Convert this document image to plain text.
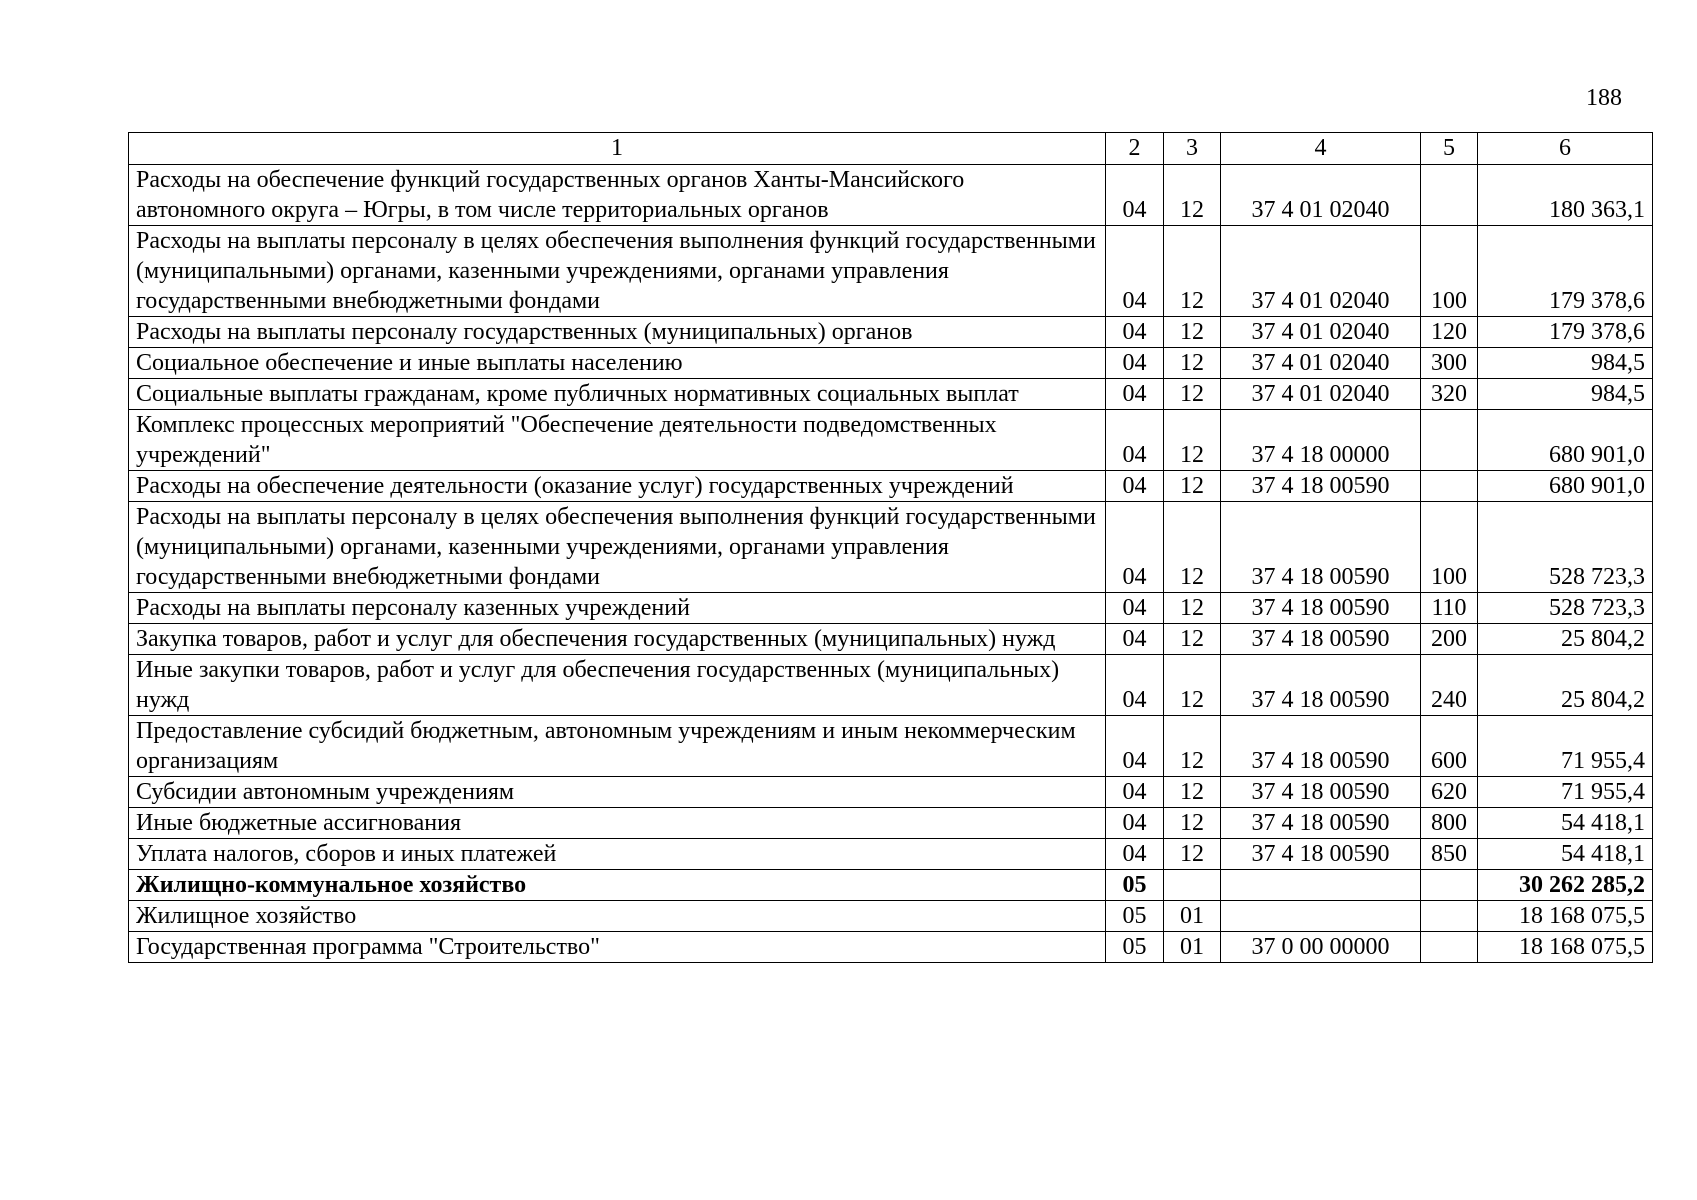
188
1	2	3	4	5	6
Расходы на обеспечение функций государственных органов Ханты-Мансийского автономного округа – Югры, в том числе территориальных органов	04	12	37 4 01 02040		180 363,1
Расходы на выплаты персоналу в целях обеспечения выполнения функций государственными (муниципальными) органами, казенными учреждениями, органами управления государственными внебюджетными фондами	04	12	37 4 01 02040	100	179 378,6
Расходы на выплаты персоналу государственных (муниципальных) органов	04	12	37 4 01 02040	120	179 378,6
Социальное обеспечение и иные выплаты населению	04	12	37 4 01 02040	300	984,5
Социальные выплаты гражданам, кроме публичных нормативных социальных выплат	04	12	37 4 01 02040	320	984,5
Комплекс процессных мероприятий "Обеспечение деятельности подведомственных учреждений"	04	12	37 4 18 00000		680 901,0
Расходы на обеспечение деятельности (оказание услуг) государственных учреждений	04	12	37 4 18 00590		680 901,0
Расходы на выплаты персоналу в целях обеспечения выполнения функций государственными (муниципальными) органами, казенными учреждениями, органами управления государственными внебюджетными фондами	04	12	37 4 18 00590	100	528 723,3
Расходы на выплаты персоналу казенных учреждений	04	12	37 4 18 00590	110	528 723,3
Закупка товаров, работ и услуг для обеспечения государственных (муниципальных) нужд	04	12	37 4 18 00590	200	25 804,2
Иные закупки товаров, работ и услуг для обеспечения государственных (муниципальных) нужд	04	12	37 4 18 00590	240	25 804,2
Предоставление субсидий бюджетным, автономным учреждениям и иным некоммерческим организациям	04	12	37 4 18 00590	600	71 955,4
Субсидии автономным учреждениям	04	12	37 4 18 00590	620	71 955,4
Иные бюджетные ассигнования	04	12	37 4 18 00590	800	54 418,1
Уплата налогов, сборов и иных платежей	04	12	37 4 18 00590	850	54 418,1
Жилищно-коммунальное хозяйство	05				30 262 285,2
Жилищное хозяйство	05	01			18 168 075,5
Государственная программа "Строительство"	05	01	37 0 00 00000		18 168 075,5
